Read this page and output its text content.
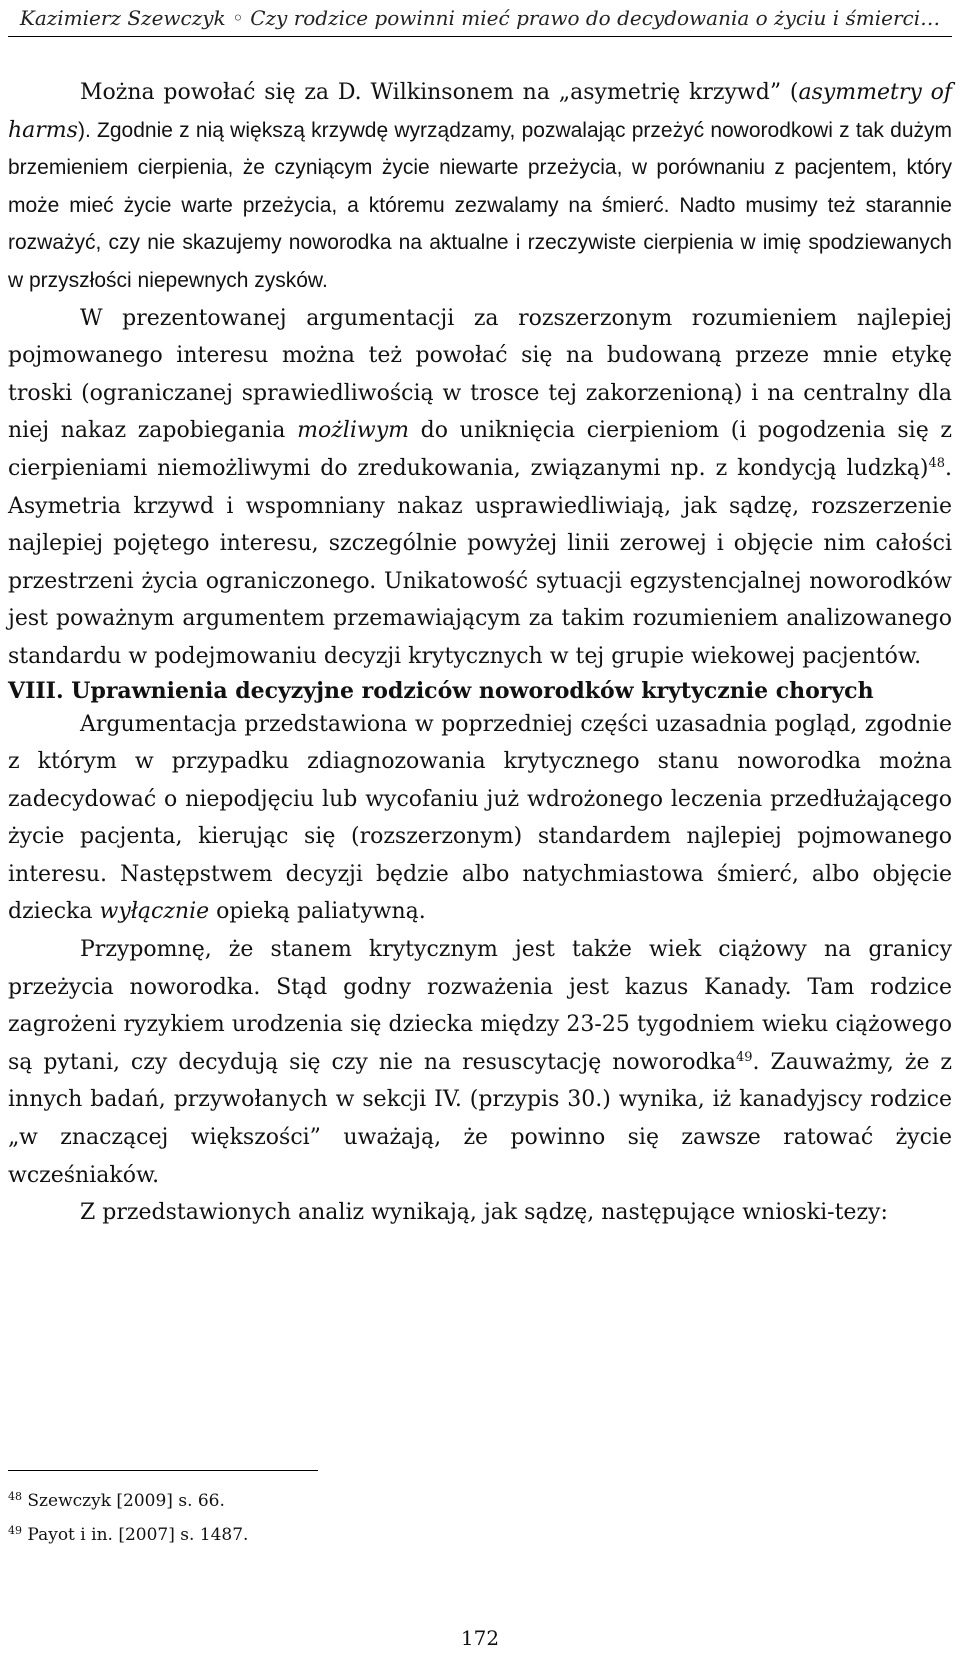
Kazimierz Szewczyk ◦ Czy rodzice powinni mieć prawo do decydowania o życiu i śmierci…

Można powołać się za D. Wilkinsonem na „asymetrię krzywd” (asymmetry of harms). Zgodnie z nią większą krzywdę wyrządzamy, pozwalając przeżyć noworodkowi z tak dużym brzemieniem cierpienia, że czyniącym życie niewarte przeżycia, w porównaniu z pacjentem, który może mieć życie warte przeżycia, a któremu zezwalamy na śmierć. Nadto musimy też starannie rozważyć, czy nie skazujemy noworodka na aktualne i rzeczywiste cierpienia w imię spodziewanych w przyszłości niepewnych zysków.

W prezentowanej argumentacji za rozszerzonym rozumieniem najlepiej pojmowanego interesu można też powołać się na budowaną przeze mnie etykę troski (ograniczanej sprawiedliwością w trosce tej zakorzenioną) i na centralny dla niej nakaz zapobiegania możliwym do uniknięcia cierpieniom (i pogodzenia się z cierpieniami niemożliwymi do zredukowania, związanymi np. z kondycją ludzką)$^{48}$. Asymetria krzywd i wspomniany nakaz usprawiedliwiają, jak sądzę, rozszerzenie najlepiej pojętego interesu, szczególnie powyżej linii zerowej i objęcie nim całości przestrzeni życia ograniczonego. Unikatowość sytuacji egzystencjalnej noworodków jest poważnym argumentem przemawiającym za takim rozumieniem analizowanego standardu w podejmowaniu decyzji krytycznych w tej grupie wiekowej pacjentów.

VIII. Uprawnienia decyzyjne rodziców noworodków krytycznie chorych

Argumentacja przedstawiona w poprzedniej części uzasadnia pogląd, zgodnie z którym w przypadku zdiagnozowania krytycznego stanu noworodka można zadecydować o niepodjęciu lub wycofaniu już wdrożonego leczenia przedłużającego życie pacjenta, kierując się (rozszerzonym) standardem najlepiej pojmowanego interesu. Następstwem decyzji będzie albo natychmiastowa śmierć, albo objęcie dziecka wyłącznie opieką paliatywną.

Przypomnę, że stanem krytycznym jest także wiek ciążowy na granicy przeżycia noworodka. Stąd godny rozważenia jest kazus Kanady. Tam rodzice zagrożeni ryzykiem urodzenia się dziecka między 23-25 tygodniem wieku ciążowego są pytani, czy decydują się czy nie na resuscytację noworodka$^{49}$. Zauważmy, że z innych badań, przywołanych w sekcji IV. (przypis 30.) wynika, iż kanadyjscy rodzice „w znaczącej większości” uważają, że powinno się zawsze ratować życie wcześniaków.

Z przedstawionych analiz wynikają, jak sądzę, następujące wnioski-tezy:

$^{48}$ Szewczyk [2009] s. 66.
$^{49}$ Payot i in. [2007] s. 1487.
172
